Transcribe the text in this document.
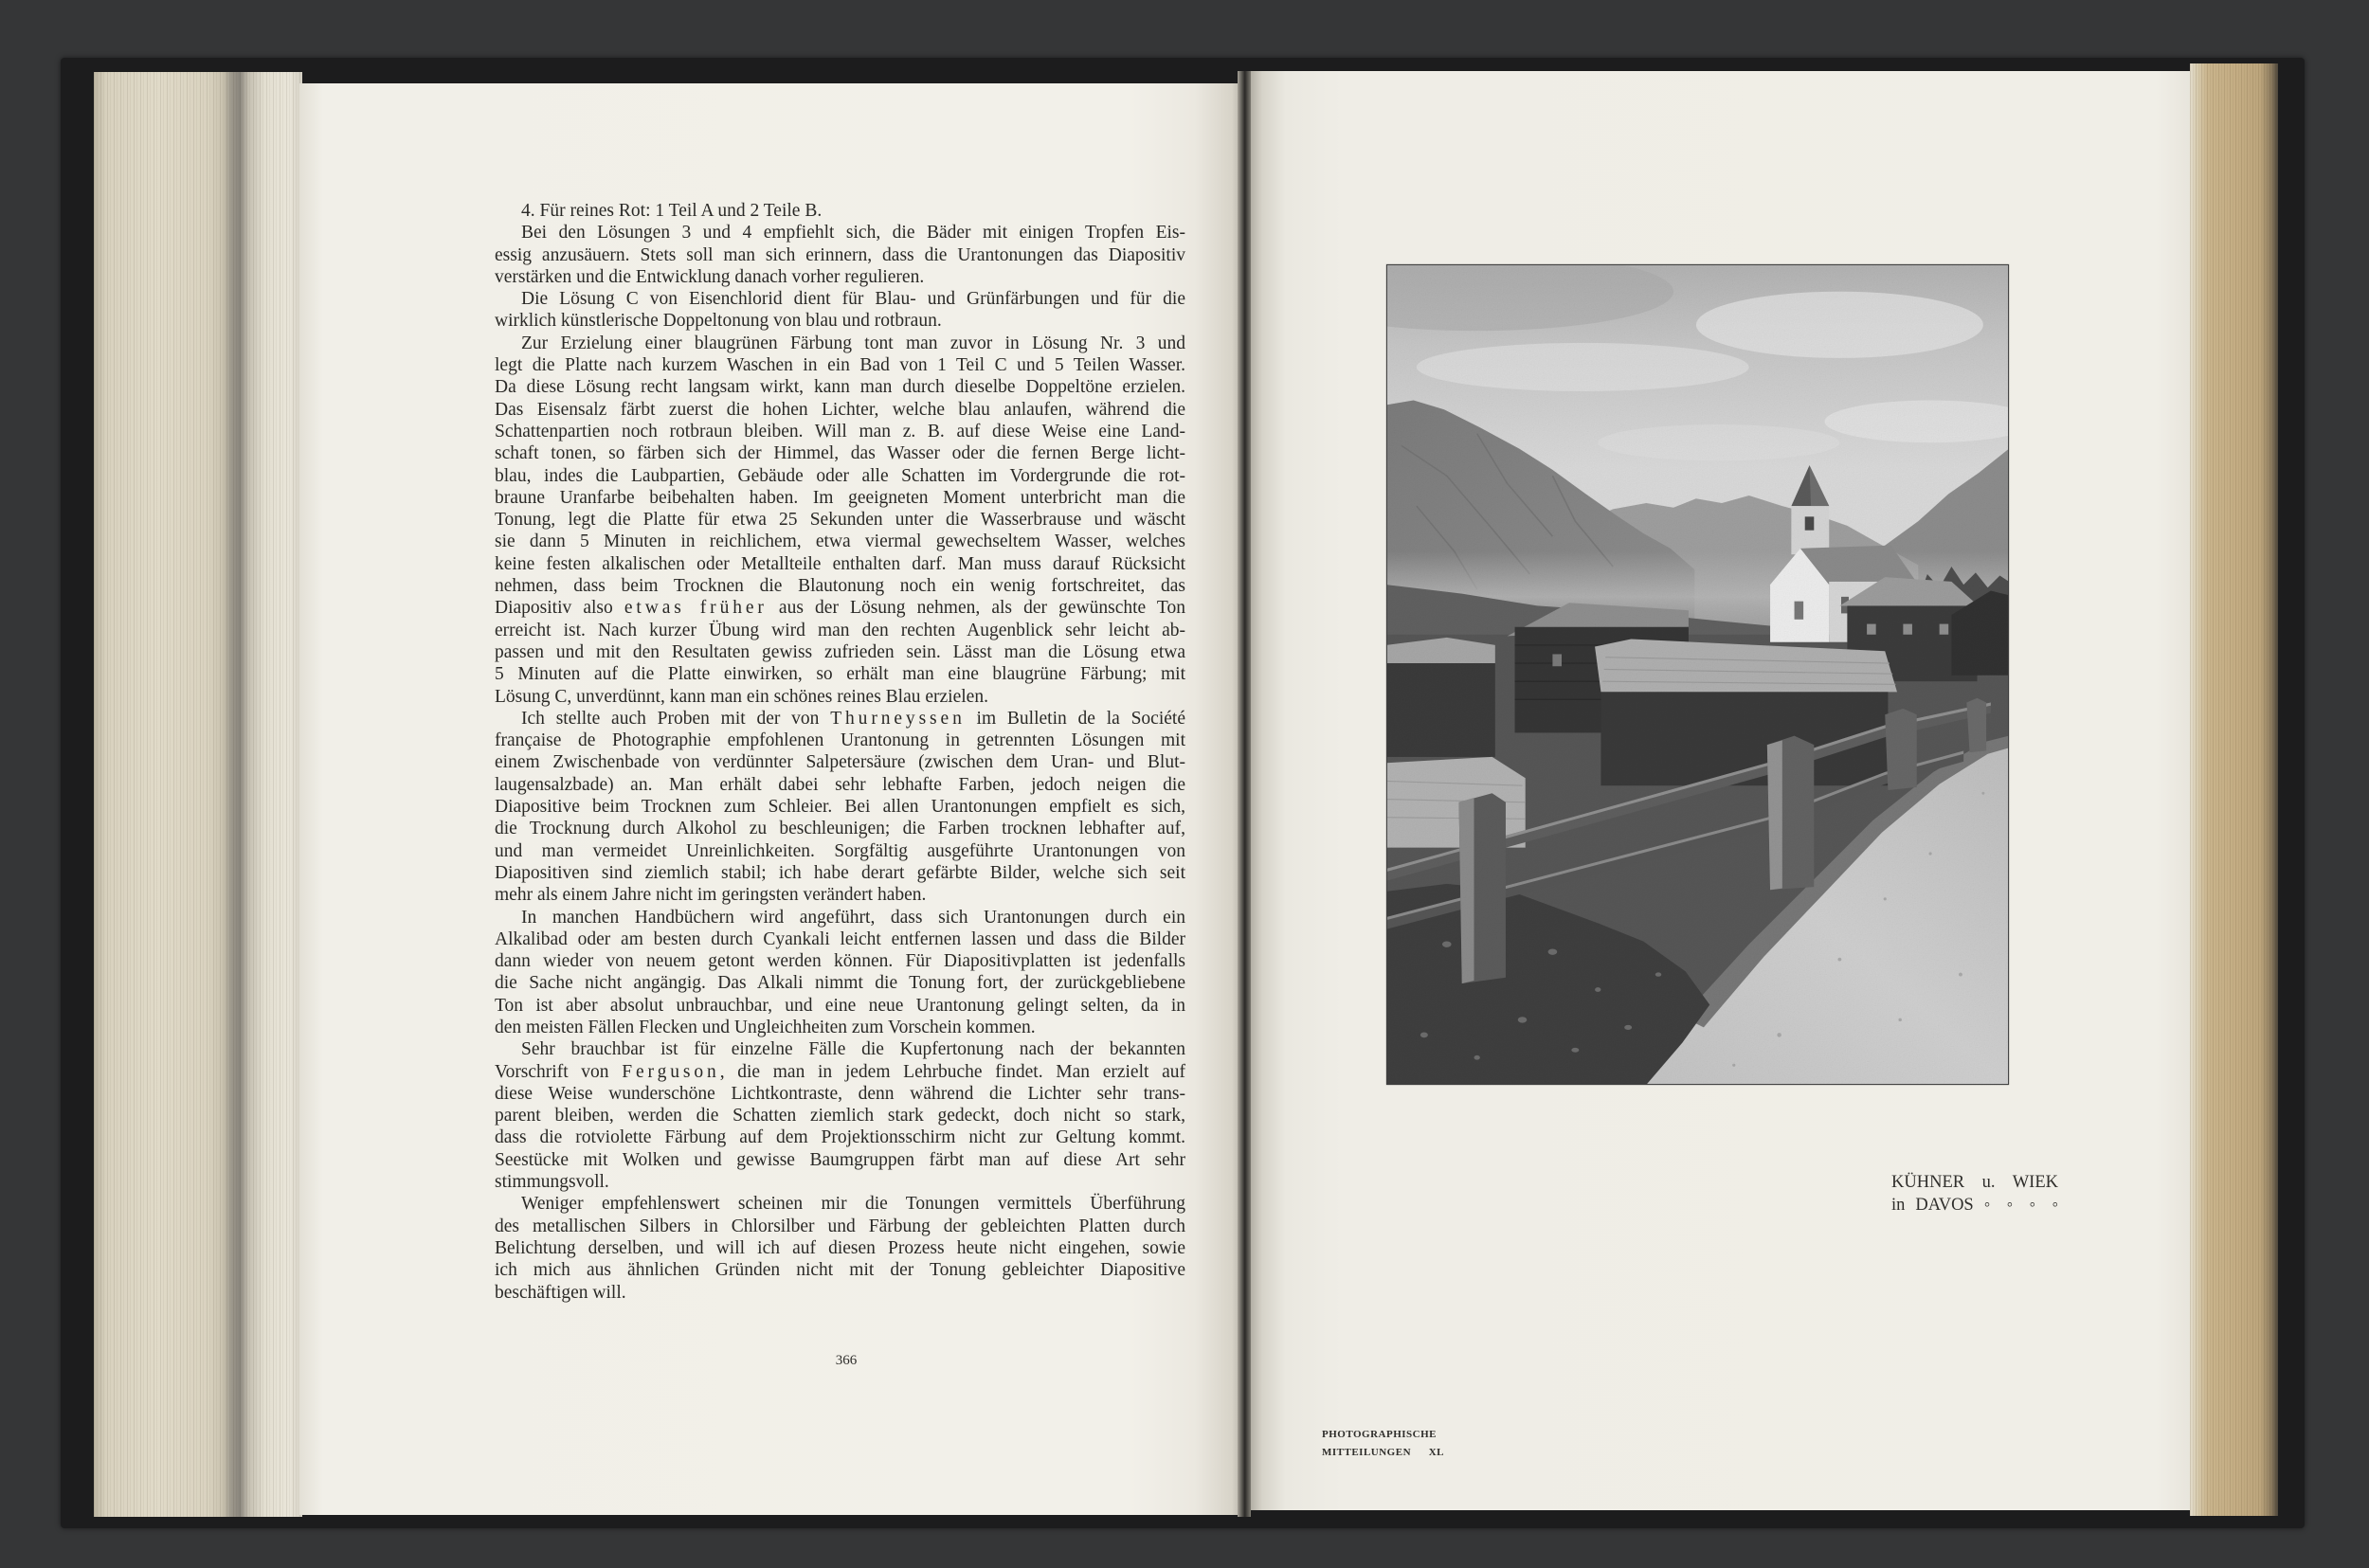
4. Für reines Rot: 1 Teil A und 2 Teile B.
Bei den Lösungen 3 und 4 empfiehlt sich, die Bäder mit einigen Tropfen Eis-
essig anzusäuern. Stets soll man sich erinnern, dass die Urantonungen das Diapositiv
verstärken und die Entwicklung danach vorher regulieren.
Die Lösung C von Eisenchlorid dient für Blau- und Grünfärbungen und für die
wirklich künstlerische Doppeltonung von blau und rotbraun.
Zur Erzielung einer blaugrünen Färbung tont man zuvor in Lösung Nr. 3 und
legt die Platte nach kurzem Waschen in ein Bad von 1 Teil C und 5 Teilen Wasser.
Da diese Lösung recht langsam wirkt, kann man durch dieselbe Doppeltöne erzielen.
Das Eisensalz färbt zuerst die hohen Lichter, welche blau anlaufen, während die
Schattenpartien noch rotbraun bleiben. Will man z. B. auf diese Weise eine Land-
schaft tonen, so färben sich der Himmel, das Wasser oder die fernen Berge licht-
blau, indes die Laubpartien, Gebäude oder alle Schatten im Vordergrunde die rot-
braune Uranfarbe beibehalten haben. Im geeigneten Moment unterbricht man die
Tonung, legt die Platte für etwa 25 Sekunden unter die Wasserbrause und wäscht
sie dann 5 Minuten in reichlichem, etwa viermal gewechseltem Wasser, welches
keine festen alkalischen oder Metallteile enthalten darf. Man muss darauf Rücksicht
nehmen, dass beim Trocknen die Blautonung noch ein wenig fortschreitet, das
Diapositiv also etwas früher aus der Lösung nehmen, als der gewünschte Ton
erreicht ist. Nach kurzer Übung wird man den rechten Augenblick sehr leicht ab-
passen und mit den Resultaten gewiss zufrieden sein. Lässt man die Lösung etwa
5 Minuten auf die Platte einwirken, so erhält man eine blaugrüne Färbung; mit
Lösung C, unverdünnt, kann man ein schönes reines Blau erzielen.
Ich stellte auch Proben mit der von Thurneyssen im Bulletin de la Société
française de Photographie empfohlenen Urantonung in getrennten Lösungen mit
einem Zwischenbade von verdünnter Salpetersäure (zwischen dem Uran- und Blut-
laugensalzbade) an. Man erhält dabei sehr lebhafte Farben, jedoch neigen die
Diapositive beim Trocknen zum Schleier. Bei allen Urantonungen empfielt es sich,
die Trocknung durch Alkohol zu beschleunigen; die Farben trocknen lebhafter auf,
und man vermeidet Unreinlichkeiten. Sorgfältig ausgeführte Urantonungen von
Diapositiven sind ziemlich stabil; ich habe derart gefärbte Bilder, welche sich seit
mehr als einem Jahre nicht im geringsten verändert haben.
In manchen Handbüchern wird angeführt, dass sich Urantonungen durch ein
Alkalibad oder am besten durch Cyankali leicht entfernen lassen und dass die Bilder
dann wieder von neuem getont werden können. Für Diapositivplatten ist jedenfalls
die Sache nicht angängig. Das Alkali nimmt die Tonung fort, der zurückgebliebene
Ton ist aber absolut unbrauchbar, und eine neue Urantonung gelingt selten, da in
den meisten Fällen Flecken und Ungleichheiten zum Vorschein kommen.
Sehr brauchbar ist für einzelne Fälle die Kupfertonung nach der bekannten
Vorschrift von Ferguson, die man in jedem Lehrbuche findet. Man erzielt auf
diese Weise wunderschöne Lichtkontraste, denn während die Lichter sehr trans-
parent bleiben, werden die Schatten ziemlich stark gedeckt, doch nicht so stark,
dass die rotviolette Färbung auf dem Projektionsschirm nicht zur Geltung kommt.
Seestücke mit Wolken und gewisse Baumgruppen färbt man auf diese Art sehr
stimmungsvoll.
Weniger empfehlenswert scheinen mir die Tonungen vermittels Überführung
des metallischen Silbers in Chlorsilber und Färbung der gebleichten Platten durch
Belichtung derselben, und will ich auf diesen Prozess heute nicht eingehen, sowie
ich mich aus ähnlichen Gründen nicht mit der Tonung gebleichter Diapositive
beschäftigen will.
366
KÜHNER u. WIEK
in DAVOS ◦ ◦ ◦ ◦
PHOTOGRAPHISCHE
MITTEILUNGEN XL
